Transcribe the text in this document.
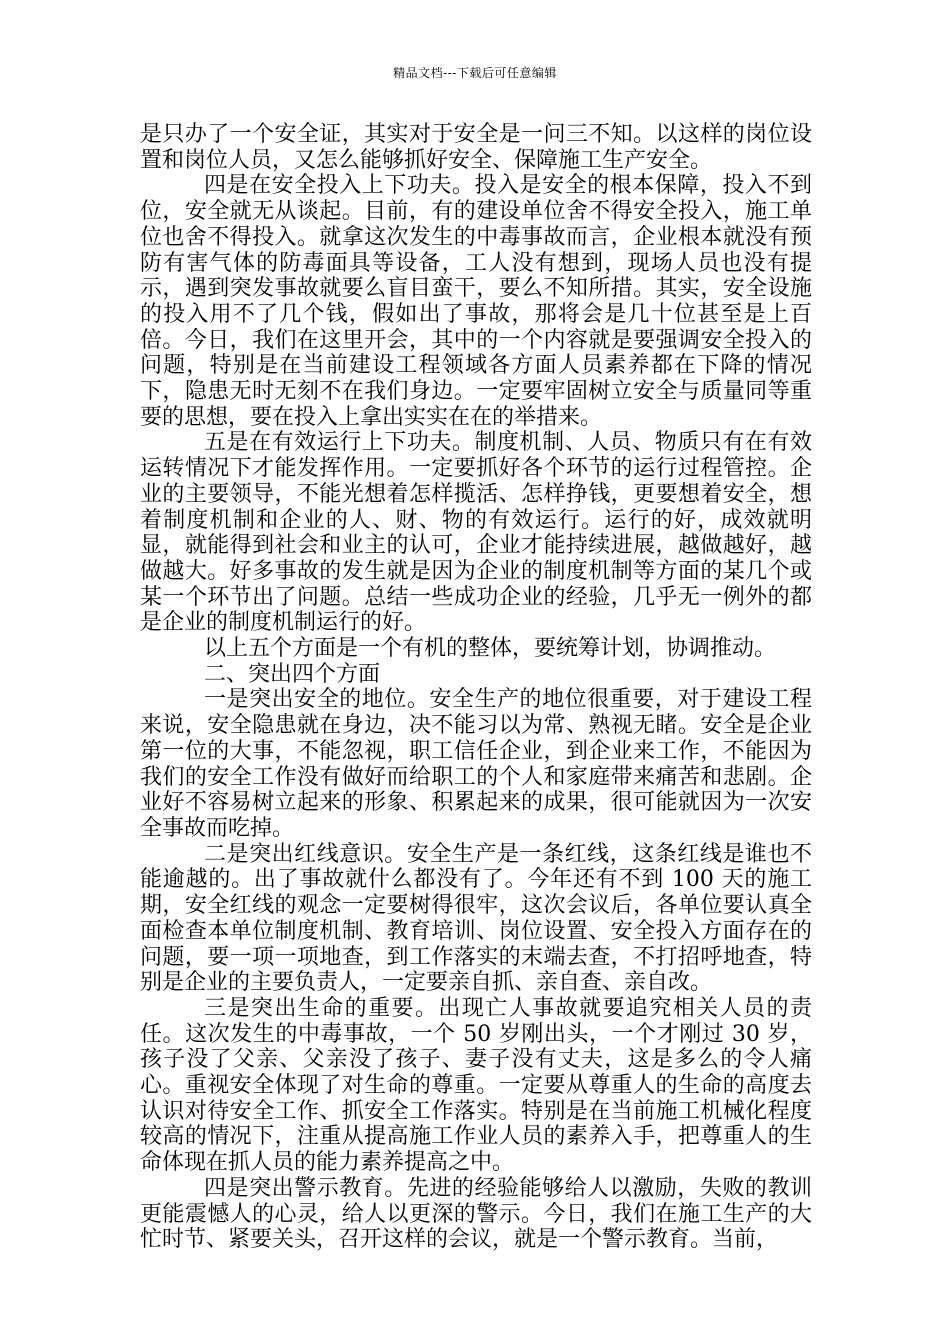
精品文档---下载后可任意编辑

是只办了一个安全证，其实对于安全是一问三不知。以这样的岗位设置和岗位人员，又怎么能够抓好安全、保障施工生产安全。

四是在安全投入上下功夫。投入是安全的根本保障，投入不到位，安全就无从谈起。目前，有的建设单位舍不得安全投入，施工单位也舍不得投入。就拿这次发生的中毒事故而言，企业根本就没有预防有害气体的防毒面具等设备，工人没有想到，现场人员也没有提示，遇到突发事故就要么盲目蛮干，要么不知所措。其实，安全设施的投入用不了几个钱，假如出了事故，那将会是几十位甚至是上百倍。今日，我们在这里开会，其中的一个内容就是要强调安全投入的问题，特别是在当前建设工程领域各方面人员素养都在下降的情况下，隐患无时无刻不在我们身边。一定要牢固树立安全与质量同等重要的思想，要在投入上拿出实实在在的举措来。

五是在有效运行上下功夫。制度机制、人员、物质只有在有效运转情况下才能发挥作用。一定要抓好各个环节的运行过程管控。企业的主要领导，不能光想着怎样揽活、怎样挣钱，更要想着安全，想着制度机制和企业的人、财、物的有效运行。运行的好，成效就明显，就能得到社会和业主的认可，企业才能持续进展，越做越好，越做越大。好多事故的发生就是因为企业的制度机制等方面的某几个或某一个环节出了问题。总结一些成功企业的经验，几乎无一例外的都是企业的制度机制运行的好。

以上五个方面是一个有机的整体，要统筹计划，协调推动。

二、突出四个方面

一是突出安全的地位。安全生产的地位很重要，对于建设工程来说，安全隐患就在身边，决不能习以为常、熟视无睹。安全是企业第一位的大事，不能忽视，职工信任企业，到企业来工作，不能因为我们的安全工作没有做好而给职工的个人和家庭带来痛苦和悲剧。企业好不容易树立起来的形象、积累起来的成果，很可能就因为一次安全事故而吃掉。

二是突出红线意识。安全生产是一条红线，这条红线是谁也不能逾越的。出了事故就什么都没有了。今年还有不到 100 天的施工期，安全红线的观念一定要树得很牢，这次会议后，各单位要认真全面检查本单位制度机制、教育培训、岗位设置、安全投入方面存在的问题，要一项一项地查，到工作落实的末端去查，不打招呼地查，特别是企业的主要负责人，一定要亲自抓、亲自查、亲自改。

三是突出生命的重要。出现亡人事故就要追究相关人员的责任。这次发生的中毒事故，一个 50 岁刚出头，一个才刚过 30 岁，孩子没了父亲、父亲没了孩子、妻子没有丈夫，这是多么的令人痛心。重视安全体现了对生命的尊重。一定要从尊重人的生命的高度去认识对待安全工作、抓安全工作落实。特别是在当前施工机械化程度较高的情况下，注重从提高施工作业人员的素养入手，把尊重人的生命体现在抓人员的能力素养提高之中。

四是突出警示教育。先进的经验能够给人以激励，失败的教训更能震憾人的心灵，给人以更深的警示。今日，我们在施工生产的大忙时节、紧要关头，召开这样的会议，就是一个警示教育。当前，
